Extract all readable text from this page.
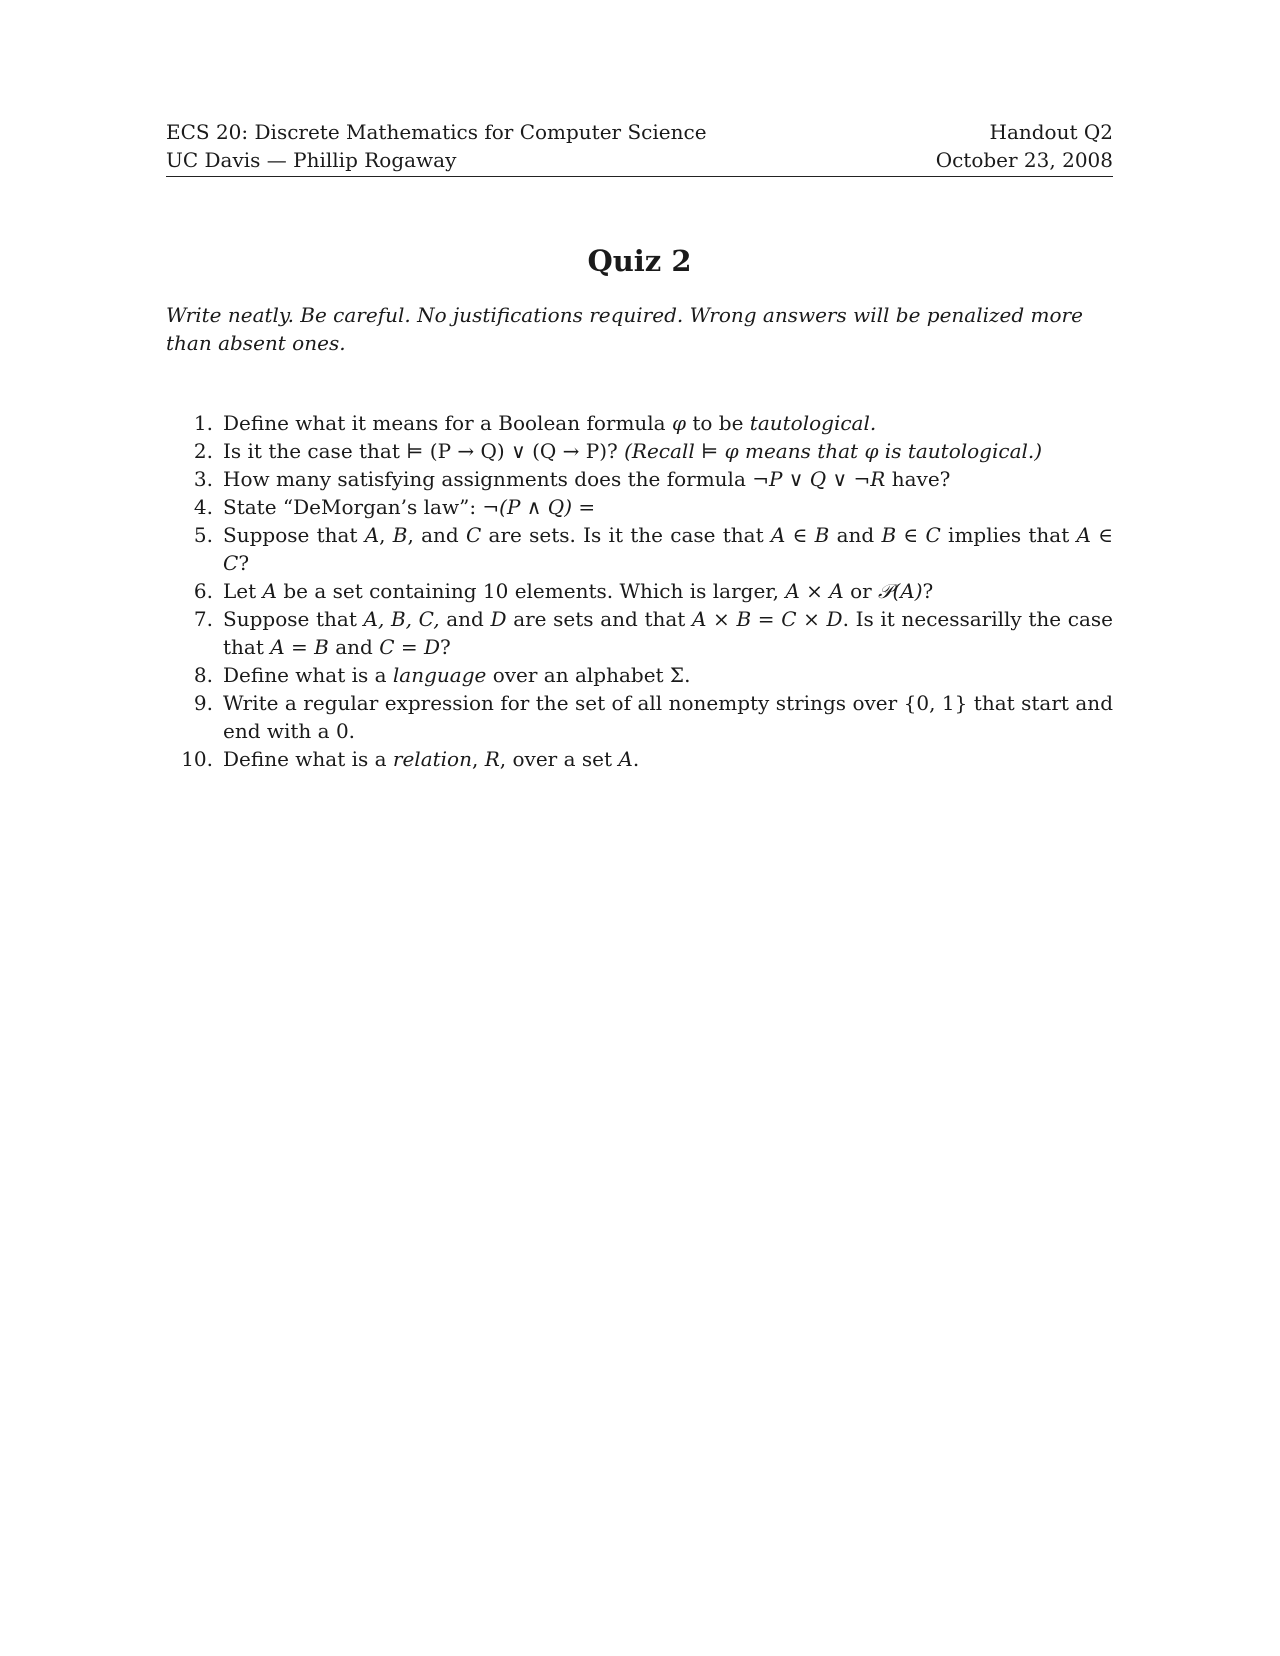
ECS 20: Discrete Mathematics for Computer Science
UC Davis — Phillip Rogaway
Handout Q2
October 23, 2008
Quiz 2
Write neatly. Be careful. No justifications required. Wrong answers will be penalized more than absent ones.
1. Define what it means for a Boolean formula φ to be tautological.
2. Is it the case that ⊨ (P → Q) ∨ (Q → P)? (Recall ⊨ φ means that φ is tautological.)
3. How many satisfying assignments does the formula ¬P ∨ Q ∨ ¬R have?
4. State “DeMorgan’s law”: ¬(P ∧ Q) =
5. Suppose that A, B, and C are sets. Is it the case that A ∈ B and B ∈ C implies that A ∈ C?
6. Let A be a set containing 10 elements. Which is larger, A × A or 𝒫(A)?
7. Suppose that A, B, C, and D are sets and that A × B = C × D. Is it necessarilly the case that A = B and C = D?
8. Define what is a language over an alphabet Σ.
9. Write a regular expression for the set of all nonempty strings over {0, 1} that start and end with a 0.
10. Define what is a relation, R, over a set A.
